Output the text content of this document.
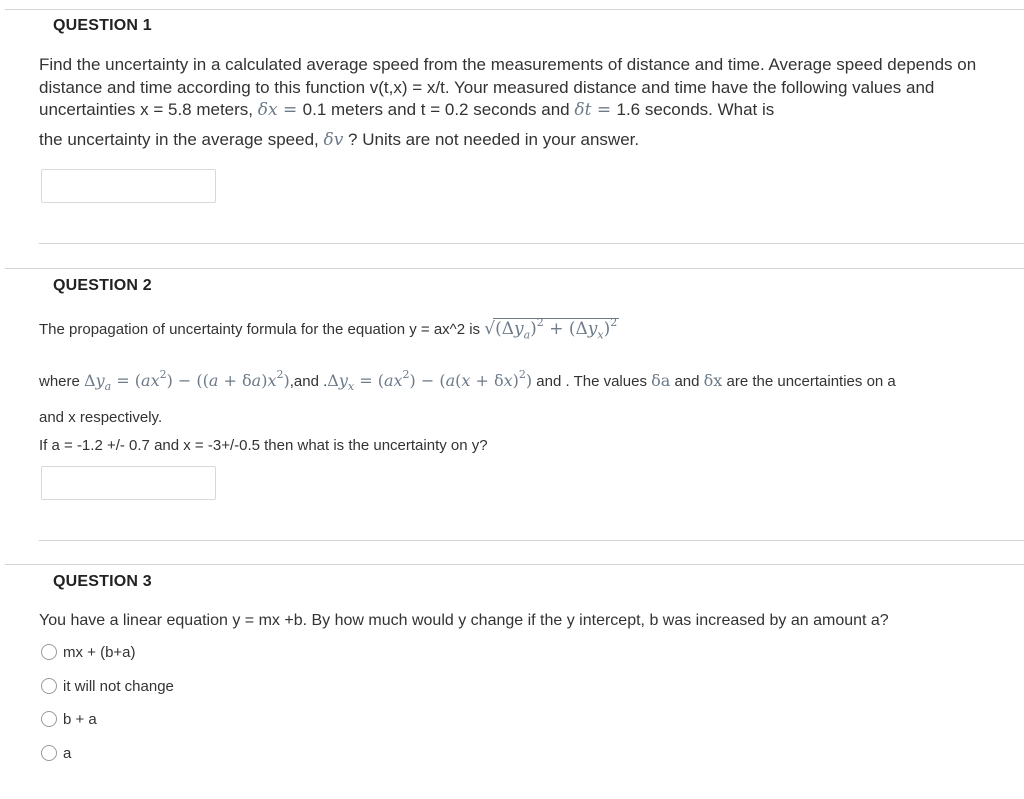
QUESTION 1
Find the uncertainty in a calculated average speed from the measurements of distance and time. Average speed depends on distance and time according to this function v(t,x) = x/t. Your measured distance and time have the following values and uncertainties x = 5.8 meters, δx = 0.1 meters and t = 0.2 seconds and δt = 1.6 seconds. What is
the uncertainty in the average speed, δv ? Units are not needed in your answer.
QUESTION 2
The propagation of uncertainty formula for the equation y = ax^2 is $√(\Delta y_a)^2 + (\Delta y_x)^2$
where $\Delta y_a = (ax^2) - ((a + \delta a)x^2),and$ $.\Delta y_x = (ax^2) - (a(x + \delta x)^2)$ and . The values δa and δx are the uncertainties on a
and x respectively.
If a = -1.2 +/- 0.7 and x = -3+/-0.5 then what is the uncertainty on y?
QUESTION 3
You have a linear equation y = mx +b. By how much would y change if the y intercept, b was increased by an amount a?
mx + (b+a)
it will not change
b + a
a
